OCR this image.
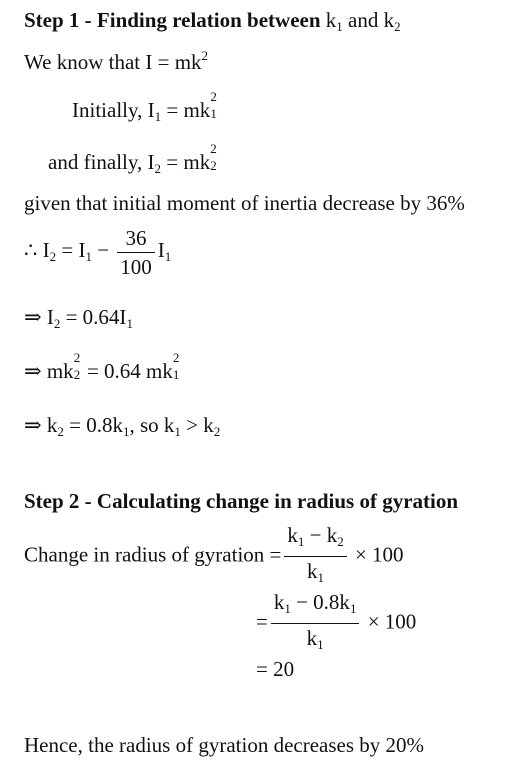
Step 1 - Finding relation between $k_1$ and $k_2$
We know that $I = mk^2$
Initially, $I_1$ = mk
2
1
and finally, $I_2$ = mk
2
2
given that initial moment of inertia decrease by 36%
∴ $I_2 = I_1 - \frac{36}{100} I_1$
⇒ $I_2 = 0.64I_1$
⇒ mk
2
2 = 0.64 mk
2
1
⇒ $k_2 = 0.8k_1$, so $k_1 > k_2$
Step 2 - Calculating change in radius of gyration
Change in radius of gyration = $\frac{k_1 - k_2}{k_1} \times 100$
= $\frac{k_1 - 0.8k_1}{k_1} \times 100$
= 20
Hence, the radius of gyration decreases by 20%
